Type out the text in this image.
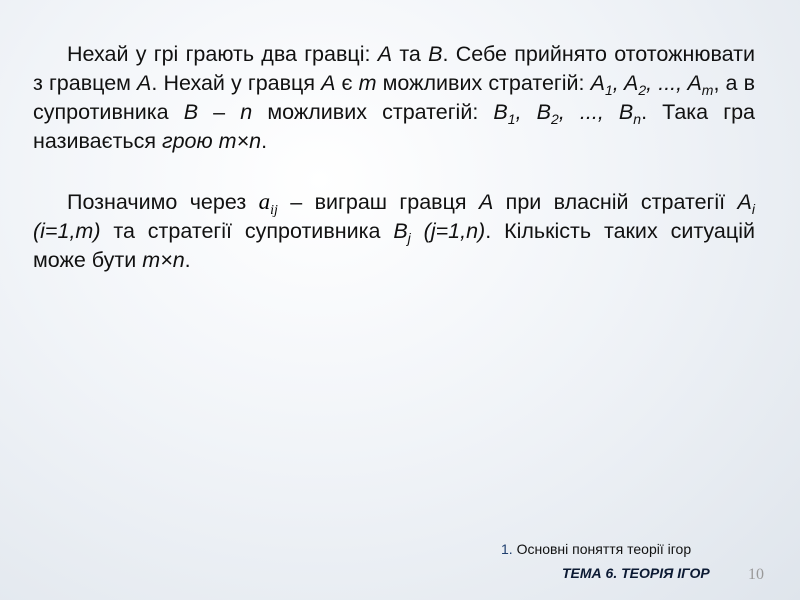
Нехай у грі грають два гравці: A та B. Себе прийнято ототожнювати з гравцем A. Нехай у гравця A є m можливих стратегій: $A_1$, $A_2$, ..., $A_m$, а в супротивника B – n можливих стратегій: $B_1$, $B_2$, ..., $B_n$. Така гра називається грою m×n.

Позначимо через $a_{ij}$ – виграш гравця A при власній стратегії $A_i$ (i=1,m) та стратегії супротивника $B_j$ (j=1,n). Кількість таких ситуацій може бути m×n.

1. Основні поняття теорії ігор
ТЕМА 6. ТЕОРІЯ ІГОР 10
